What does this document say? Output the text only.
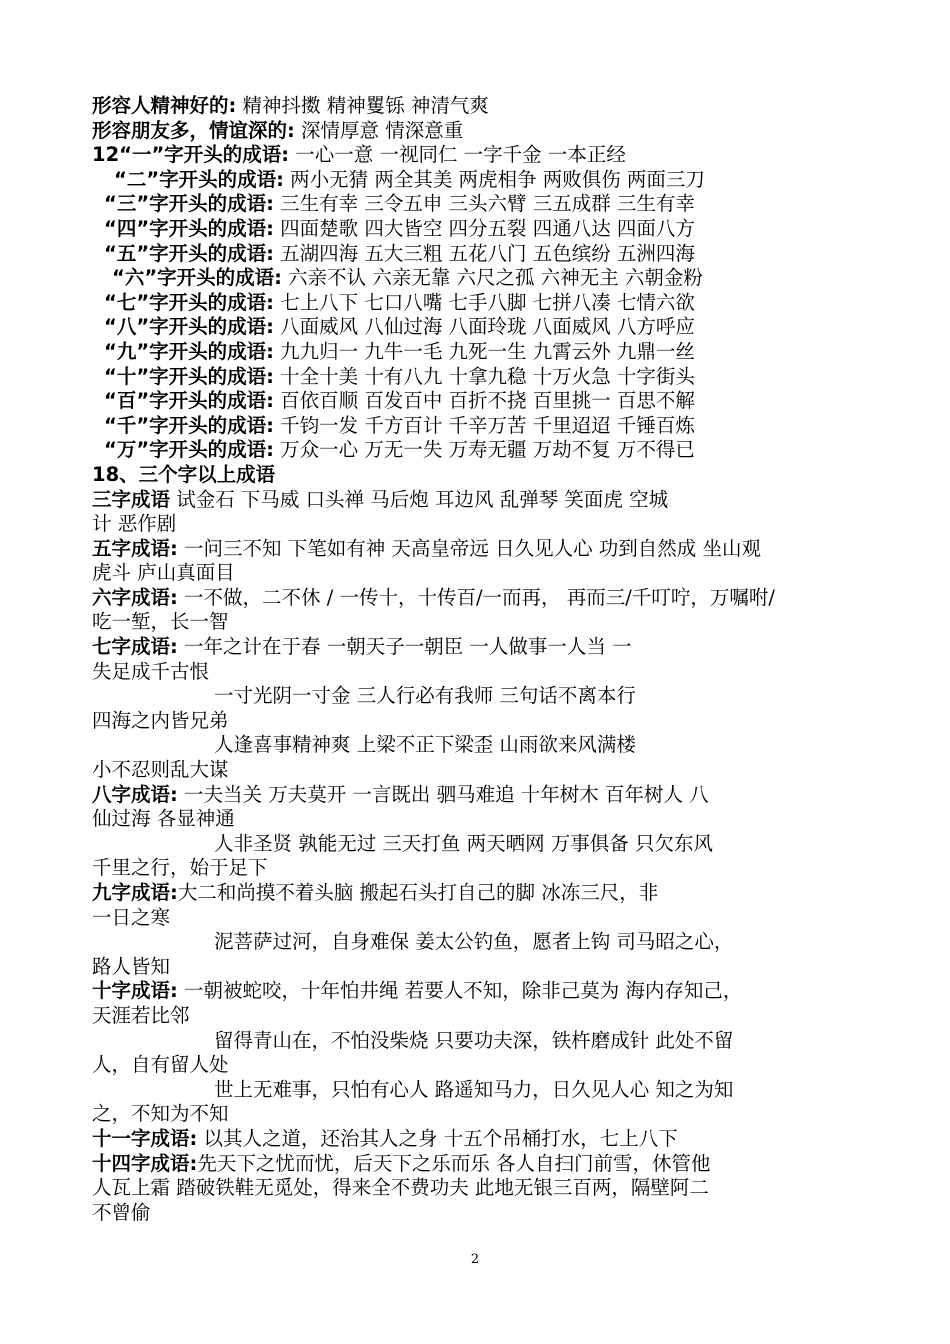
形容人精神好的: 精神抖擞 精神矍铄 神清气爽
形容朋友多，情谊深的: 深情厚意 情深意重
12“一”字开头的成语: 一心一意 一视同仁 一字千金 一本正经
“二”字开头的成语: 两小无猜 两全其美 两虎相争 两败俱伤 两面三刀
“三”字开头的成语: 三生有幸 三令五申 三头六臂 三五成群 三生有幸
“四”字开头的成语: 四面楚歌 四大皆空 四分五裂 四通八达 四面八方
“五”字开头的成语: 五湖四海 五大三粗 五花八门 五色缤纷 五洲四海
“六”字开头的成语: 六亲不认 六亲无靠 六尺之孤 六神无主 六朝金粉
“七”字开头的成语: 七上八下 七口八嘴 七手八脚 七拼八凑 七情六欲
“八”字开头的成语: 八面威风 八仙过海 八面玲珑 八面威风 八方呼应
“九”字开头的成语: 九九归一 九牛一毛 九死一生 九霄云外 九鼎一丝
“十”字开头的成语: 十全十美 十有八九 十拿九稳 十万火急 十字街头
“百”字开头的成语: 百依百顺 百发百中 百折不挠 百里挑一 百思不解
“千”字开头的成语: 千钧一发 千方百计 千辛万苦 千里迢迢 千锤百炼
“万”字开头的成语: 万众一心 万无一失 万寿无疆 万劫不复 万不得已
18、三个字以上成语
三字成语 试金石 下马威 口头禅 马后炮 耳边风 乱弹琴 笑面虎 空城
计 恶作剧
五字成语: 一问三不知 下笔如有神 天高皇帝远 日久见人心 功到自然成 坐山观
虎斗 庐山真面目
六字成语: 一不做，二不休 / 一传十，十传百/一而再， 再而三/千叮咛，万嘱咐/
吃一堑，长一智
七字成语: 一年之计在于春 一朝天子一朝臣 一人做事一人当 一
失足成千古恨
一寸光阴一寸金 三人行必有我师 三句话不离本行
四海之内皆兄弟
人逢喜事精神爽 上梁不正下梁歪 山雨欲来风满楼
小不忍则乱大谋
八字成语: 一夫当关 万夫莫开 一言既出 驷马难追 十年树木 百年树人 八
仙过海 各显神通
人非圣贤 孰能无过 三天打鱼 两天晒网 万事俱备 只欠东风
千里之行，始于足下
九字成语:大二和尚摸不着头脑 搬起石头打自己的脚 冰冻三尺，非
一日之寒
泥菩萨过河，自身难保 姜太公钓鱼，愿者上钩 司马昭之心，
路人皆知
十字成语: 一朝被蛇咬，十年怕井绳 若要人不知，除非己莫为 海内存知己，
天涯若比邻
留得青山在，不怕没柴烧 只要功夫深，铁杵磨成针 此处不留
人，自有留人处
世上无难事，只怕有心人 路遥知马力，日久见人心 知之为知
之，不知为不知
十一字成语: 以其人之道，还治其人之身 十五个吊桶打水，七上八下
十四字成语:先天下之忧而忧，后天下之乐而乐 各人自扫门前雪，休管他
人瓦上霜 踏破铁鞋无觅处，得来全不费功夫 此地无银三百两，隔壁阿二
不曾偷
2
